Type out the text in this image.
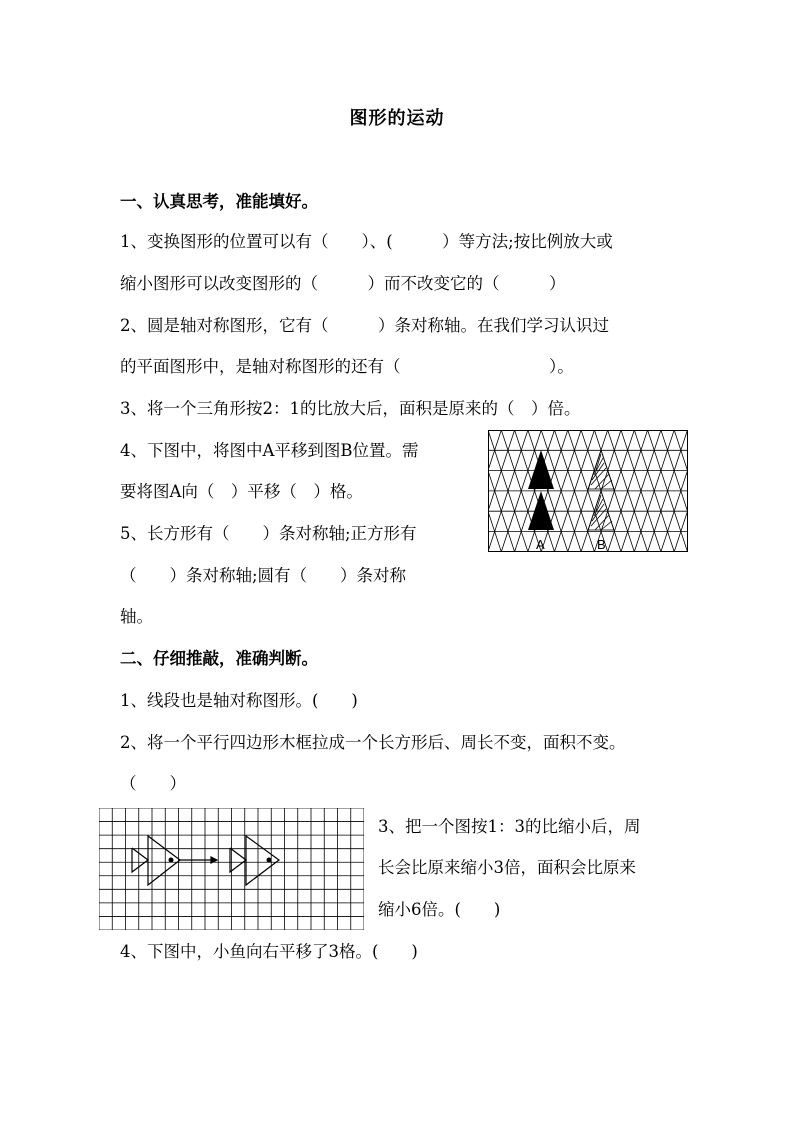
图形的运动
一、认真思考，准能填好。
1、变换图形的位置可以有（　　）、(　　　）等方法;按比例放大或
缩小图形可以改变图形的（　　　）而不改变它的（　　　）
2、圆是轴对称图形，它有（　　　）条对称轴。在我们学习认识过
的平面图形中，是轴对称图形的还有（　　　　　　　　　）。
3、将一个三角形按2：1的比放大后，面积是原来的（　）倍。
4、下图中，将图中A平移到图B位置。需
要将图A向（　）平移（　）格。
5、长方形有（　　）条对称轴;正方形有
（　　）条对称轴;圆有（　　）条对称
轴。
二、仔细推敲，准确判断。
1、线段也是轴对称图形。(　　)
2、将一个平行四边形木框拉成一个长方形后、周长不变，面积不变。
（　　）
3、把一个图按1：3的比缩小后，周
长会比原来缩小3倍，面积会比原来
缩小6倍。(　　)
4、下图中，小鱼向右平移了3格。(　　)
A	B
